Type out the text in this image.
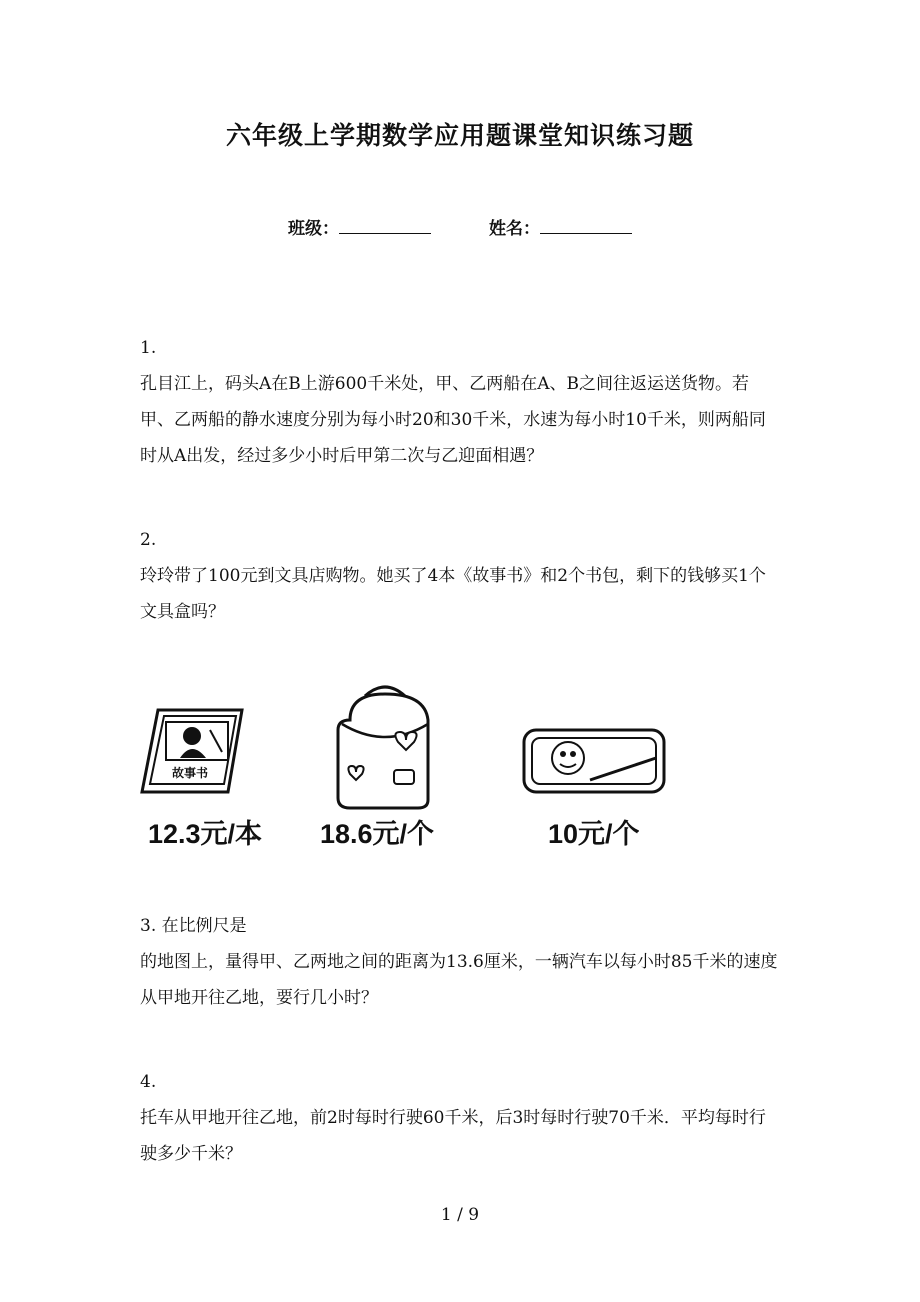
六年级上学期数学应用题课堂知识练习题
班级：	姓名：
1.
孔目江上，码头A在B上游600千米处，甲、乙两船在A、B之间往返运送货物。若甲、乙两船的静水速度分别为每小时20和30千米，水速为每小时10千米，则两船同时从A出发，经过多少小时后甲第二次与乙迎面相遇？
2.
玲玲带了100元到文具店购物。她买了4本《故事书》和2个书包，剩下的钱够买1个文具盒吗？
故事书
12.3元/本 18.6元/个	10元/个
3. 在比例尺是
的地图上，量得甲、乙两地之间的距离为13.6厘米，一辆汽车以每小时85千米的速度从甲地开往乙地，要行几小时？
4.
托车从甲地开往乙地，前2时每时行驶60千米，后3时每时行驶70千米．平均每时行驶多少千米？
1 / 9
